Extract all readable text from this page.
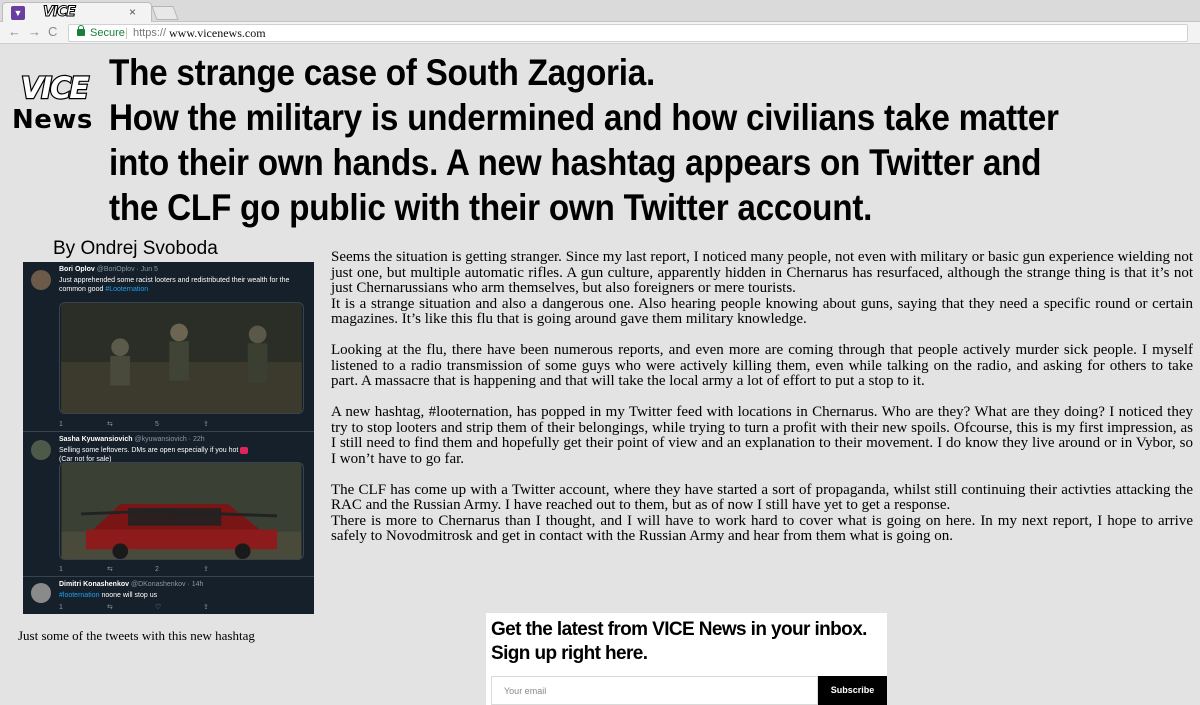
▼ VICE	×
← → C	Secure https:// www.vicenews.com
VICE
News
The strange case of South Zagoria.
How the military is undermined and how civilians take matter into their own hands. A new hashtag appears on Twitter and the CLF go public with their own Twitter account.
By Ondrej Svoboda
Bori Oplov @BoriOplov · Jun 5
Just apprehended some racist looters and redistributed their wealth for the common good #Looternation
1	⇆	5	⇪
Sasha Kyuwansiovich @kyuwansiovich · 22h
Selling some leftovers. DMs are open especially if you hot
(Car not for sale)
1	⇆	2	⇪
Dimitri Konashenkov @DKonashenkov · 14h
#looternation noone will stop us
1	⇆	♡	⇪
Just some of the tweets with this new hashtag

Seems the situation is getting stranger. Since my last report, I noticed many people, not even with military or basic gun experience wielding not just one, but multiple automatic rifles. A gun culture, apparently hidden in Chernarus has resurfaced, although the strange thing is that it’s not just Chernarussians who arm themselves, but also foreigners or mere tourists.

It is a strange situation and also a dangerous one. Also hearing people knowing about guns, saying that they need a specific round or certain magazines. It’s like this flu that is going around gave them military knowledge.

Looking at the flu, there have been numerous reports, and even more are coming through that people actively murder sick people. I myself listened to a radio transmission of some guys who were actively killing them, even while talking on the radio, and asking for others to take part. A massacre that is happening and that will take the local army a lot of effort to put a stop to it.

A new hashtag, #looternation, has popped in my Twitter feed with locations in Chernarus. Who are they? What are they doing? I noticed they try to stop looters and strip them of their belongings, while trying to turn a profit with their new spoils. Ofcourse, this is my first impression, as I still need to find them and hopefully get their point of view and an explanation to their movement. I do know they live around or in Vybor, so I won’t have to go far.

The CLF has come up with a Twitter account, where they have started a sort of propaganda, whilst still continuing their activties attacking the RAC and the Russian Army. I have reached out to them, but as of now I still have yet to get a response.

There is more to Chernarus than I thought, and I will have to work hard to cover what is going on here. In my next report, I hope to arrive safely to Novodmitrosk and get in contact with the Russian Army and hear from them what is going on.

Get the latest from VICE News in your inbox. Sign up right here.
Your email	Subscribe
